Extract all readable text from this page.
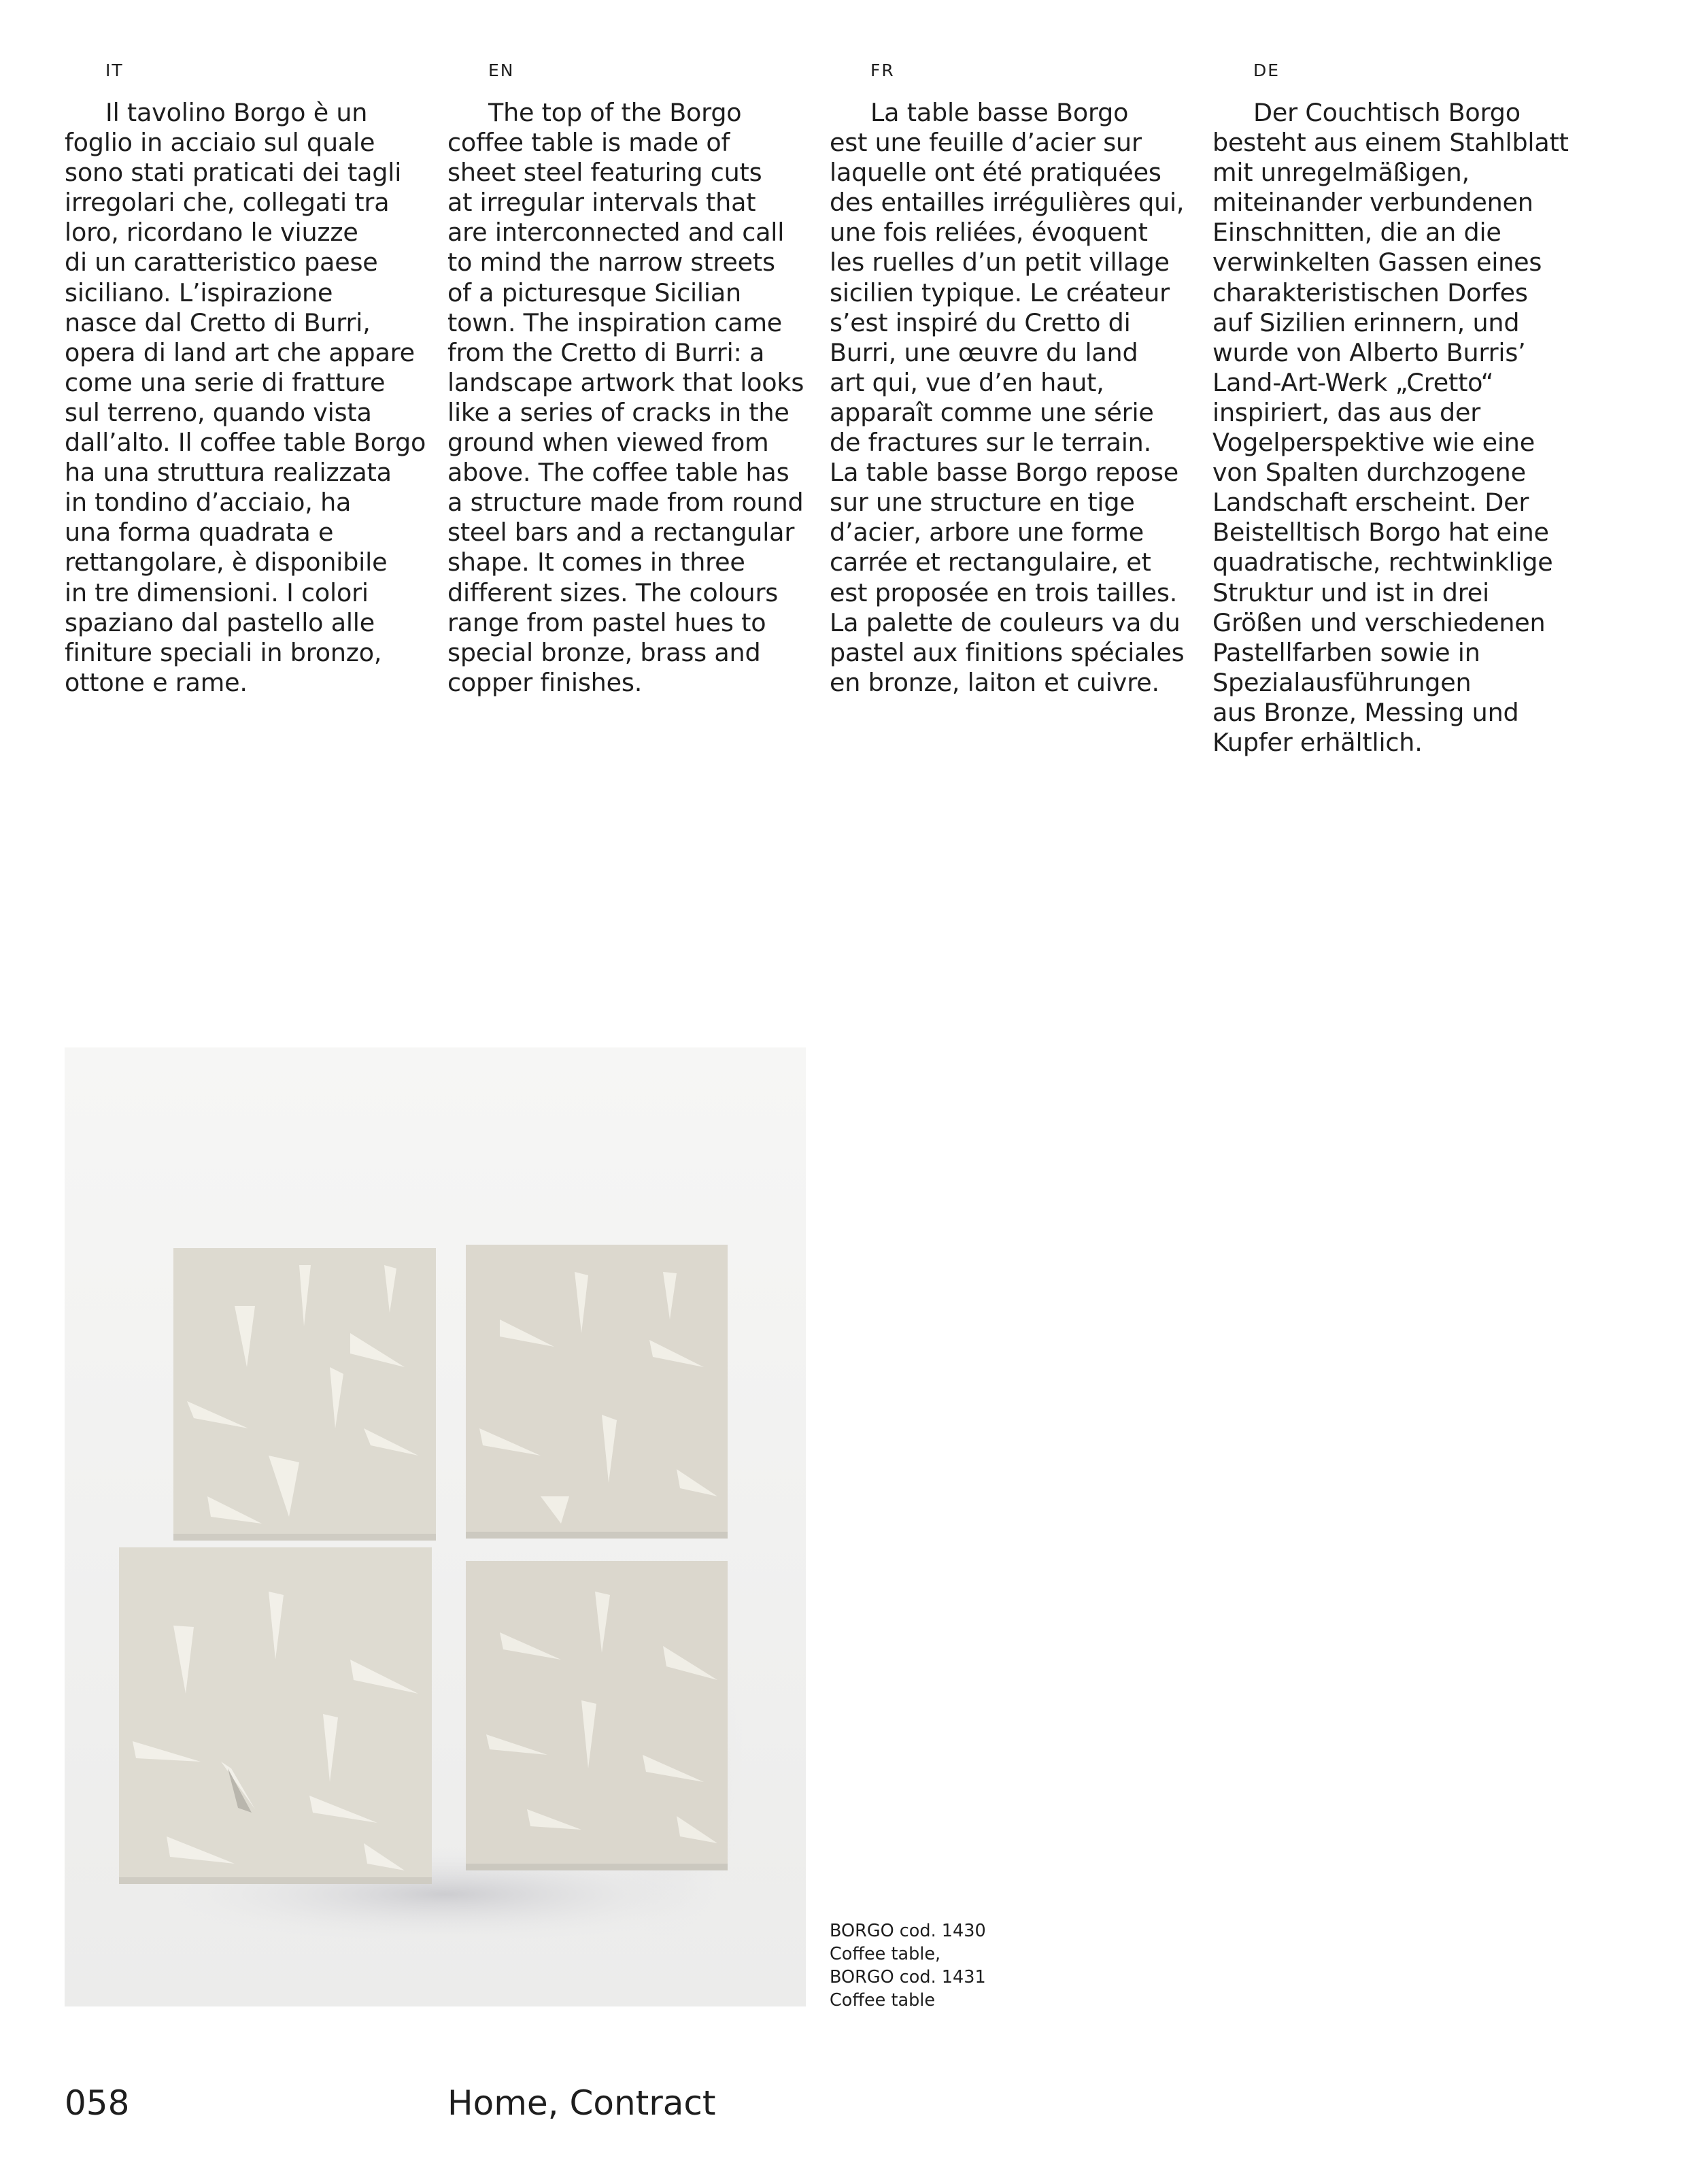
IT

Il tavolino Borgo è un
foglio in acciaio sul quale
sono stati praticati dei tagli
irregolari che, collegati tra
loro, ricordano le viuzze
di un caratteristico paese
siciliano. L’ispirazione
nasce dal Cretto di Burri,
opera di land art che appare
come una serie di fratture
sul terreno, quando vista
dall’alto. Il coffee table Borgo
ha una struttura realizzata
in tondino d’acciaio, ha
una forma quadrata e
rettangolare, è disponibile
in tre dimensioni. I colori
spaziano dal pastello alle
finiture speciali in bronzo,
ottone e rame.

EN

The top of the Borgo
coffee table is made of
sheet steel featuring cuts
at irregular intervals that
are interconnected and call
to mind the narrow streets
of a picturesque Sicilian
town. The inspiration came
from the Cretto di Burri: a
landscape artwork that looks
like a series of cracks in the
ground when viewed from
above. The coffee table has
a structure made from round
steel bars and a rectangular
shape. It comes in three
different sizes. The colours
range from pastel hues to
special bronze, brass and
copper finishes.

FR

La table basse Borgo
est une feuille d’acier sur
laquelle ont été pratiquées
des entailles irrégulières qui,
une fois reliées, évoquent
les ruelles d’un petit village
sicilien typique. Le créateur
s’est inspiré du Cretto di
Burri, une œuvre du land
art qui, vue d’en haut,
apparaît comme une série
de fractures sur le terrain.
La table basse Borgo repose
sur une structure en tige
d’acier, arbore une forme
carrée et rectangulaire, et
est proposée en trois tailles.
La palette de couleurs va du
pastel aux finitions spéciales
en bronze, laiton et cuivre.

DE

Der Couchtisch Borgo
besteht aus einem Stahlblatt
mit unregelmäßigen,
miteinander verbundenen
Einschnitten, die an die
verwinkelten Gassen eines
charakteristischen Dorfes
auf Sizilien erinnern, und
wurde von Alberto Burris’
Land-Art-Werk „Cretto“
inspiriert, das aus der
Vogelperspektive wie eine
von Spalten durchzogene
Landschaft erscheint. Der
Beistelltisch Borgo hat eine
quadratische, rechtwinklige
Struktur und ist in drei
Größen und verschiedenen
Pastellfarben sowie in
Spezialausführungen
aus Bronze, Messing und
Kupfer erhältlich.

BORGO cod. 1430
Coffee table,
BORGO cod. 1431
Coffee table

058	Home, Contract
